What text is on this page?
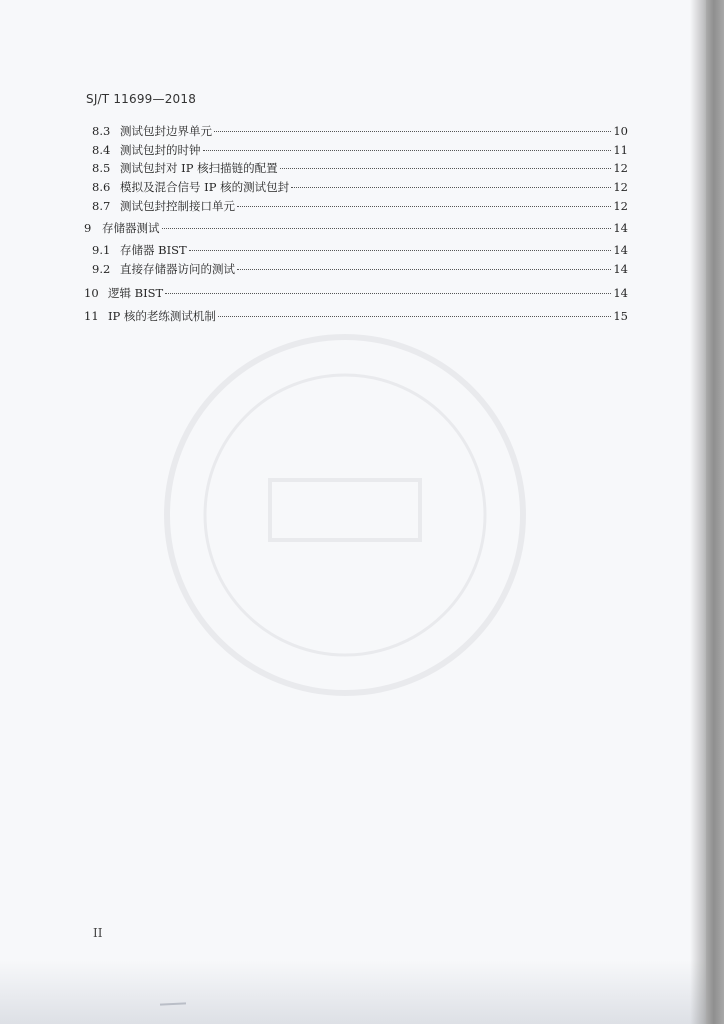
SJ/T 11699—2018
8.3 测试包封边界单元	10
8.4 测试包封的时钟	11
8.5 测试包封对 IP 核扫描链的配置	12
8.6 模拟及混合信号 IP 核的测试包封	12
8.7 测试包封控制接口单元	12
9 存储器测试	14
9.1 存储器 BIST	14
9.2 直接存储器访问的测试	14
10 逻辑 BIST	14
11 IP 核的老练测试机制	15
II
